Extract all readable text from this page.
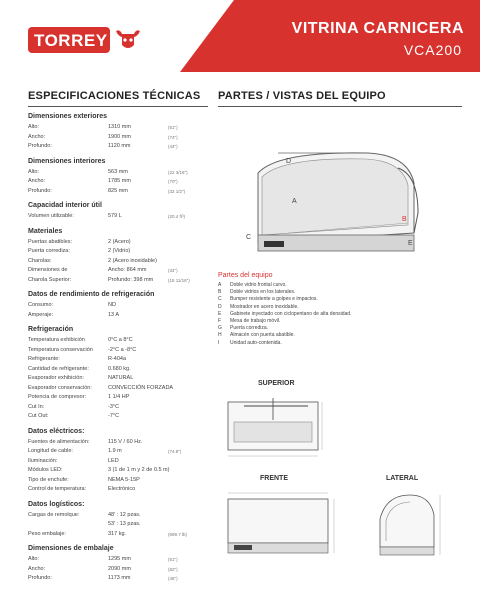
TORREY
VITRINA CARNICERA
VCA200
ESPECIFICACIONES TÉCNICAS
Dimensiones exteriores
Alto:	1310 mm	(51")
Ancho:	1900 mm	(74")
Profundo:	1120 mm	(44")
Dimensiones interiores
Alto:	563 mm	(22 3/16")
Ancho:	1785 mm	(70")
Profundo:	825 mm	(32 1/2")
Capacidad interior útil
Volumen utilizable:	579 L	(20.4 ft³)
Materiales
Puertas abatibles:	2 (Acero)
Puerta corrediza:	2 (Vidrio)
Charolas:	2 (Acero inoxidable)
Dimensiones de	Ancho: 864 mm	(34")
Charola Superior:	Profundo: 398 mm	(15 11/16")
Datos de rendimiento de refrigeración
Consumo:	ND
Amperaje:	13 A
Refrigeración
Temperatura exhibición	0°C a 8°C
Temperatura conservación	-2°C a -8°C
Refrigerante:	R-404a
Cantidad de refrigerante:	0.680 kg.
Evaporador exhibición:	NATURAL
Evaporador conservación:	CONVECCIÓN FORZADA
Potencia de compresor:	1 1/4 HP
Cut In:	-3°C
Cut Out:	-7°C
Datos eléctricos:
Fuentes de alimentación:	115 V / 60 Hz.
Longitud de cable:	1.9 m	(74.8")
Iluminación:	LED
Módulos LED:	3 (1 de 1 m y 2 de 0.5 m)
Tipo de enchufe:	NEMA 5-15P
Control de temperatura:	Electrónico
Datos logísticos:
Cargas de remolque:	48' : 12 pzas.
53' : 13 pzas.
Peso embalaje:	317 kg.	(699.7 lb)
Dimensiones de embalaje
Alto:	1295 mm	(51")
Ancho:	2090 mm	(82")
Profundo:	1173 mm	(46")
PARTES / VISTAS DEL EQUIPO
A
B
C
D
E
Partes del equipo
A	Doble vidrio frontal curvo.
B	Doble vidrios en los laterales.
C	Bumper resistente a golpes e impactos.
D	Mostrador en acero inoxidable.
E	Gabinete inyectado con ciclopentano de alta densidad.
F	Mesa de trabajo móvil.
G	Puerta corrediza.
H	Almacén con puerta abatible.
I	Unidad auto-contenida.
SUPERIOR
FRENTE	LATERAL
